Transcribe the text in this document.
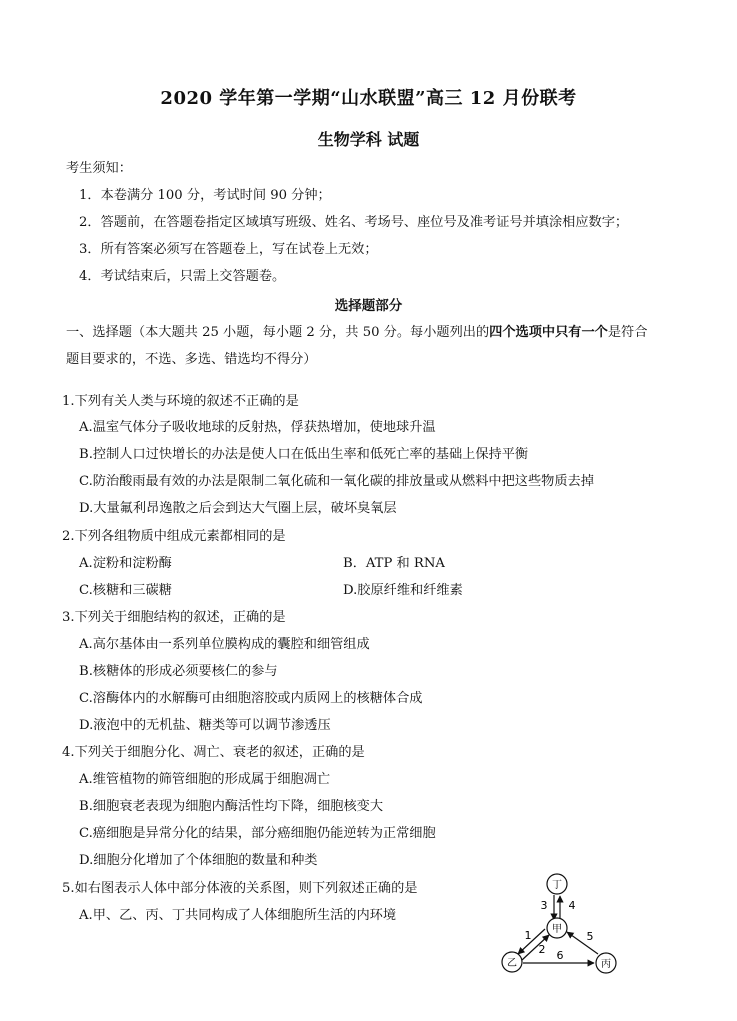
2020 学年第一学期“山水联盟”高三 12 月份联考
生物学科 试题
考生须知：
1．本卷满分 100 分，考试时间 90 分钟；
2．答题前，在答题卷指定区域填写班级、姓名、考场号、座位号及准考证号并填涂相应数字；
3．所有答案必须写在答题卷上，写在试卷上无效；
4．考试结束后，只需上交答题卷。
选择题部分
一、选择题（本大题共 25 小题，每小题 2 分，共 50 分。每小题列出的四个选项中只有一个是符合
题目要求的，不选、多选、错选均不得分）
1.下列有关人类与环境的叙述不正确的是
A.温室气体分子吸收地球的反射热，俘获热增加，使地球升温
B.控制人口过快增长的办法是使人口在低出生率和低死亡率的基础上保持平衡
C.防治酸雨最有效的办法是限制二氧化硫和一氧化碳的排放量或从燃料中把这些物质去掉
D.大量氟利昂逸散之后会到达大气圈上层，破坏臭氧层
2.下列各组物质中组成元素都相同的是
A.淀粉和淀粉酶	B．ATP 和 RNA
C.核糖和三碳糖	D.胶原纤维和纤维素
3.下列关于细胞结构的叙述，正确的是
A.高尔基体由一系列单位膜构成的囊腔和细管组成
B.核糖体的形成必须要核仁的参与
C.溶酶体内的水解酶可由细胞溶胶或内质网上的核糖体合成
D.液泡中的无机盐、糖类等可以调节渗透压
4.下列关于细胞分化、凋亡、衰老的叙述，正确的是
A.维管植物的筛管细胞的形成属于细胞凋亡
B.细胞衰老表现为细胞内酶活性均下降，细胞核变大
C.癌细胞是异常分化的结果，部分癌细胞仍能逆转为正常细胞
D.细胞分化增加了个体细胞的数量和种类
5.如右图表示人体中部分体液的关系图，则下列叙述正确的是
A.甲、乙、丙、丁共同构成了人体细胞所生活的内环境
3 4
1
2
5
6
丁
甲
乙	丙
